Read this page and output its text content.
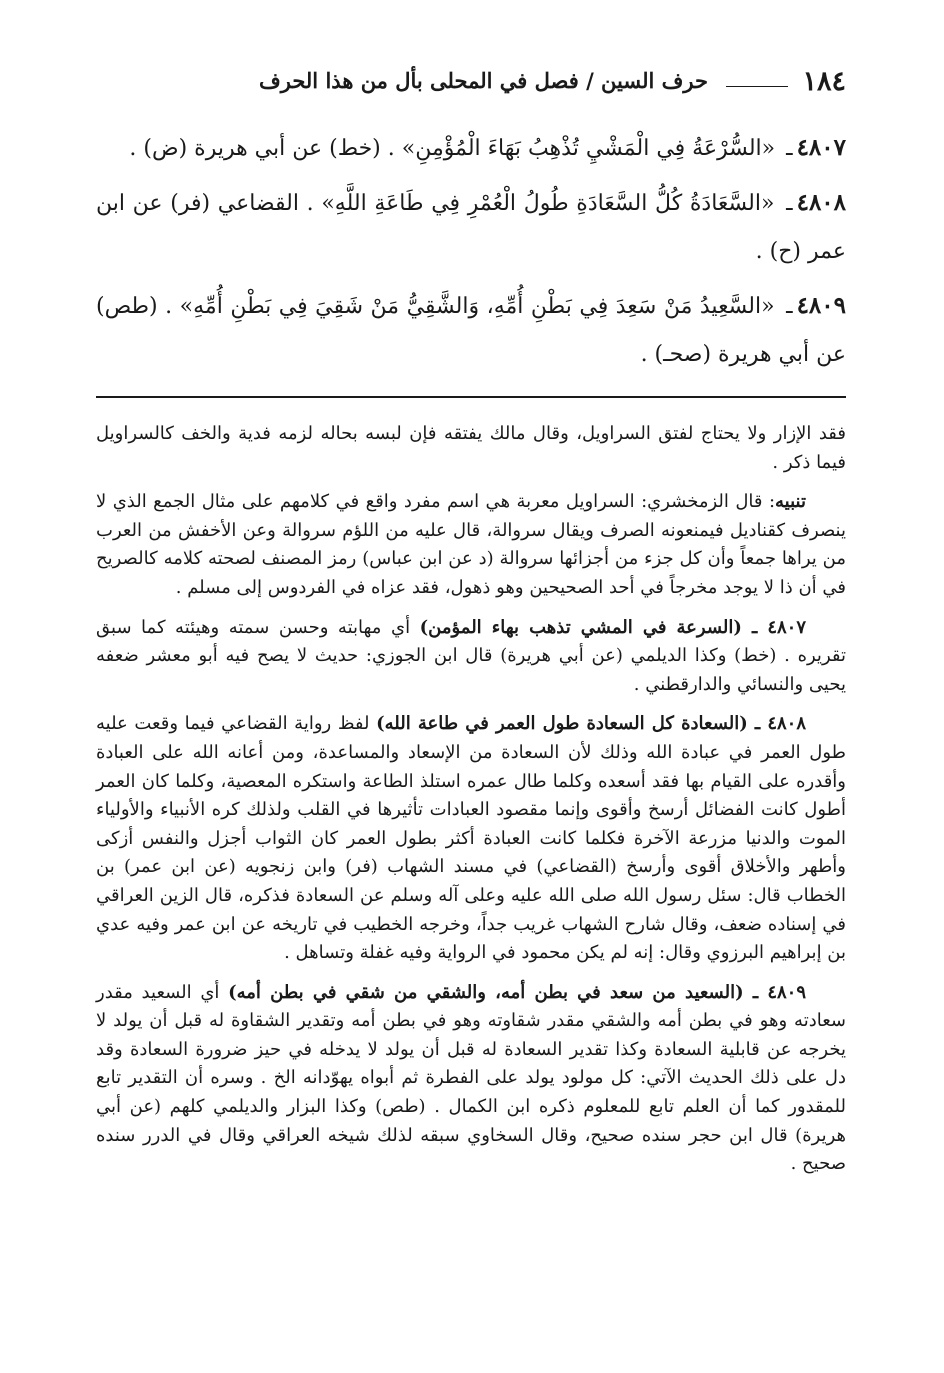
١٨٤
حرف السين / فصل في المحلى بأل من هذا الحرف

٤٨٠٧ـ «السُّرْعَةُ فِي الْمَشْيِ تُذْهِبُ بَهَاءَ الْمُؤْمِنِ» . (خط) عن أبي هريرة (ض) .

٤٨٠٨ـ «السَّعَادَةُ كُلُّ السَّعَادَةِ طُولُ الْعُمْرِ فِي طَاعَةِ اللَّهِ» . القضاعي (فر) عن ابن عمر (ح) .

٤٨٠٩ـ «السَّعِيدُ مَنْ سَعِدَ فِي بَطْنِ أُمِّهِ، وَالشَّقِيُّ مَنْ شَقِيَ فِي بَطْنِ أُمِّهِ» . (طص) عن أبي هريرة (صحـ) .

فقد الإزار ولا يحتاج لفتق السراويل، وقال مالك يفتقه فإن لبسه بحاله لزمه فدية والخف كالسراويل فيما ذكر .

تنبيه: قال الزمخشري: السراويل معربة هي اسم مفرد واقع في كلامهم على مثال الجمع الذي لا ينصرف كقناديل فيمنعونه الصرف ويقال سروالة، قال عليه من اللؤم سروالة وعن الأخفش من العرب من يراها جمعاً وأن كل جزء من أجزائها سروالة (د عن ابن عباس) رمز المصنف لصحته كلامه كالصريح في أن ذا لا يوجد مخرجاً في أحد الصحيحين وهو ذهول، فقد عزاه في الفردوس إلى مسلم .

٤٨٠٧ ـ (السرعة في المشي تذهب بهاء المؤمن) أي مهابته وحسن سمته وهيئته كما سبق تقريره . (خط) وكذا الديلمي (عن أبي هريرة) قال ابن الجوزي: حديث لا يصح فيه أبو معشر ضعفه يحيى والنسائي والدارقطني .

٤٨٠٨ ـ (السعادة كل السعادة طول العمر في طاعة الله) لفظ رواية القضاعي فيما وقعت عليه طول العمر في عبادة الله وذلك لأن السعادة من الإسعاد والمساعدة، ومن أعانه الله على العبادة وأقدره على القيام بها فقد أسعده وكلما طال عمره استلذ الطاعة واستكره المعصية، وكلما كان العمر أطول كانت الفضائل أرسخ وأقوى وإنما مقصود العبادات تأثيرها في القلب ولذلك كره الأنبياء والأولياء الموت والدنيا مزرعة الآخرة فكلما كانت العبادة أكثر بطول العمر كان الثواب أجزل والنفس أزكى وأطهر والأخلاق أقوى وأرسخ (القضاعي) في مسند الشهاب (فر) وابن زنجويه (عن ابن عمر) بن الخطاب قال: سئل رسول الله صلى الله عليه وعلى آله وسلم عن السعادة فذكره، قال الزين العراقي في إسناده ضعف، وقال شارح الشهاب غريب جداً، وخرجه الخطيب في تاريخه عن ابن عمر وفيه عدي بن إبراهيم البرزوي وقال: إنه لم يكن محمود في الرواية وفيه غفلة وتساهل .

٤٨٠٩ ـ (السعيد من سعد في بطن أمه، والشقي من شقي في بطن أمه) أي السعيد مقدر سعادته وهو في بطن أمه والشقي مقدر شقاوته وهو في بطن أمه وتقدير الشقاوة له قبل أن يولد لا يخرجه عن قابلية السعادة وكذا تقدير السعادة له قبل أن يولد لا يدخله في حيز ضرورة السعادة وقد دل على ذلك الحديث الآتي: كل مولود يولد على الفطرة ثم أبواه يهوّدانه الخ . وسره أن التقدير تابع للمقدور كما أن العلم تابع للمعلوم ذكره ابن الكمال . (طص) وكذا البزار والديلمي كلهم (عن أبي هريرة) قال ابن حجر سنده صحيح، وقال السخاوي سبقه لذلك شيخه العراقي وقال في الدرر سنده صحيح .
